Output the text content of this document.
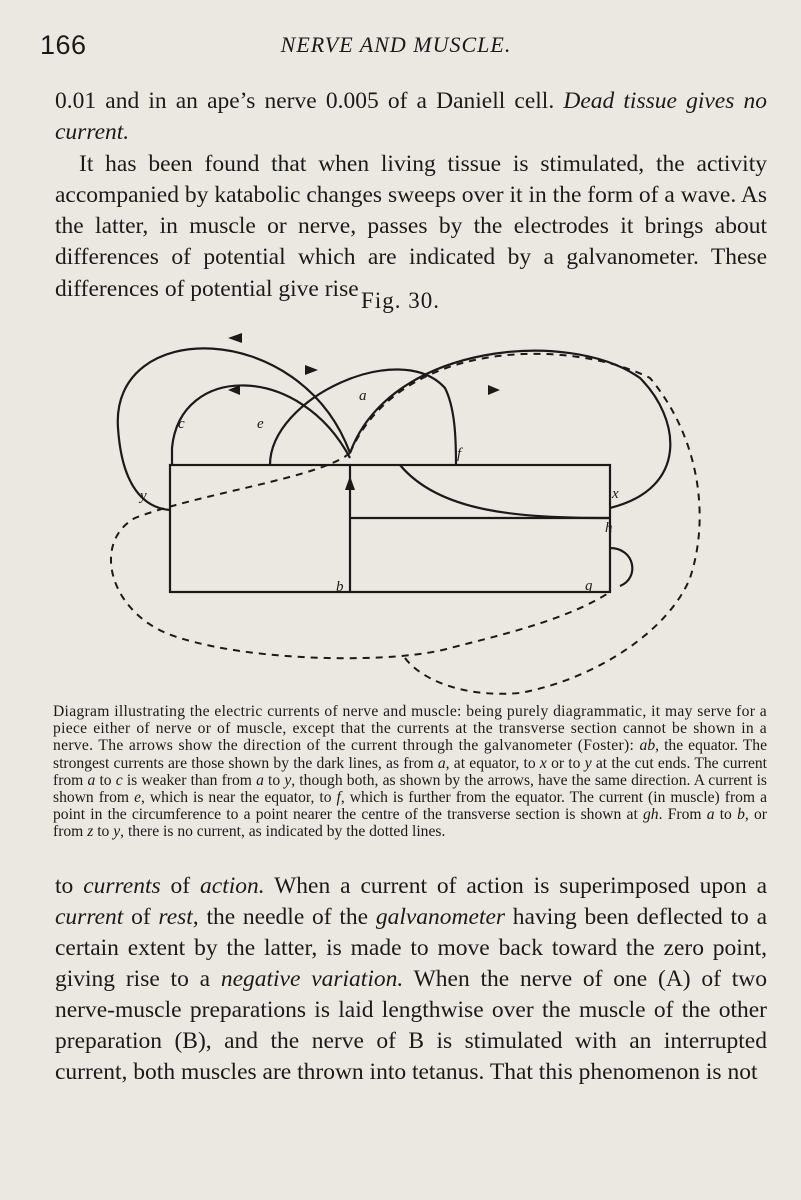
166	NERVE AND MUSCLE.

0.01 and in an ape’s nerve 0.005 of a Daniell cell. Dead tissue gives no current.
It has been found that when living tissue is stimulated, the activity accompanied by katabolic changes sweeps over it in the form of a wave. As the latter, in muscle or nerve, passes by the electrodes it brings about differences of potential which are indicated by a galvanometer. These differences of potential give rise Fig. 30.
c	e
a
f
y	x
h
b	g

Diagram illustrating the electric currents of nerve and muscle: being purely diagrammatic, it may serve for a piece either of nerve or of muscle, except that the currents at the transverse section cannot be shown in a nerve. The arrows show the direction of the current through the galvanometer (Foster): ab, the equator. The strongest currents are those shown by the dark lines, as from a, at equator, to x or to y at the cut ends. The current from a to c is weaker than from a to y, though both, as shown by the arrows, have the same direction. A current is shown from e, which is near the equator, to f, which is further from the equator. The current (in muscle) from a point in the circumference to a point nearer the centre of the transverse section is shown at gh. From a to b, or from z to y, there is no current, as indicated by the dotted lines.

to currents of action. When a current of action is superimposed upon a current of rest, the needle of the galvanometer having been deflected to a certain extent by the latter, is made to move back toward the zero point, giving rise to a negative variation. When the nerve of one (A) of two nerve-muscle preparations is laid lengthwise over the muscle of the other preparation (B), and the nerve of B is stimulated with an interrupted current, both muscles are thrown into tetanus. That this phenomenon is not
